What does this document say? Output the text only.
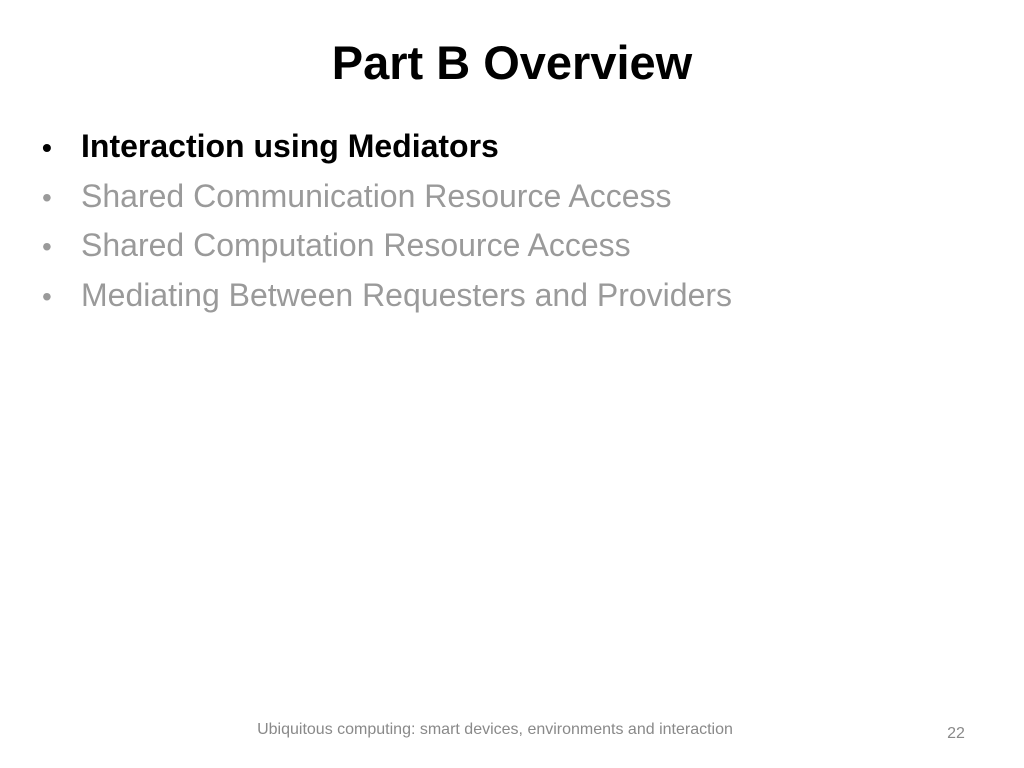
Part B Overview
• Interaction using Mediators
• Shared Communication Resource Access
• Shared Computation Resource Access
• Mediating Between Requesters and Providers
Ubiquitous computing: smart devices, environments and interaction	22
